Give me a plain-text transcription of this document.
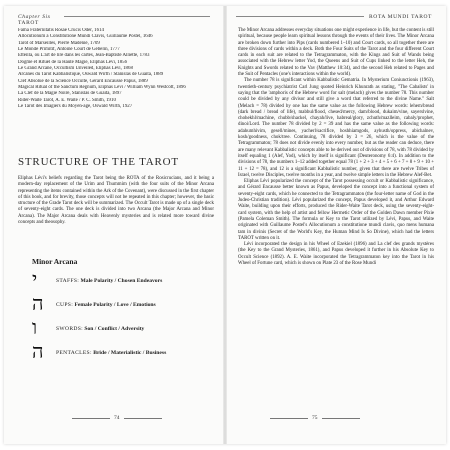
Chapter Six
TAROT
Fama Fraternitatis Rosae Crucis Oder, 1614
Allocutionum a Constitutione Mundi Clavis, Guillaume Postel, 1646
Tarot of Marseilles, Pierre Madenié, 1709
Le Monde Primitif, Antoine Court de Gébelin, 1777
Etteilla, ou L'art de lire dans les cartes, Jean-Baptiste Alliette, 1783
Dogme et Rituel de la Haute Magie, Eliphas Lévi, 1856
Le Grand Arcane, Occultism Unveiled, Eliphas Lévi, 1868
Arcanes du Tarot Kabbalistique, Oswald Wirth / Stanislas de Guaita, 1889
Clef Absolue de la Science Occulte, Gérard Encausse Papus, 1889
Magical Ritual of the Sanctum Regnum, Eliphas Lévi / William Wynn Westcott, 1896
La Clef de la Magie Noire, Stanislas de Guaita, 1897
Rider-Waite Tarot, A. E. Waite / P. C. Smith, 1910
Le Tarot des Imagiers du Moyen-age, Oswald Wirth, 1927
STRUCTURE OF THE TAROT
Eliphas Lévi's beliefs regarding the Tarot being the ROTA of the Rosicrucians, and it being a modern-day replacement of the Urim and Thummim (with the four suits of the Minor Arcana representing the items contained within the Ark of the Covenant), were discussed in the first chapter of this book, and for brevity, those concepts will not be repeated in this chapter; however, the basic structure of the Grade Tarot deck will be summarized. The Occult Tarot is made up of a single deck of seventy-eight cards. The one deck is divided into two Arcana (the Major Arcana and Minor Arcana). The Major Arcana deals with Heavenly mysteries and is related more toward divine concepts and theosophy.
Minor Arcana
י	STAFFS: Male Polarity / Chosen Endeavors
ה CUPS: Female Polarity / Love / Emotions
ו	SWORDS: Son / Conflict / Adversity
ה PENTACLES: Bride / Materialistic / Business
74
ROTA MUNDI TAROT

The Minor Arcana addresses everyday situations one might experience in life, but the content is still spiritual, because people learn spiritual lessons through the events of their lives. The Minor Arcana are broken down further into Pips (cards numbered 1–10) and Court cards, so all together there are three divisions of cards within a deck. Both the Four Suits of the Tarot and the four different Court cards in each suit are related to the Tetragrammaton, with the Kings and Suit of Wands being associated with the Hebrew letter Yod, the Queens and Suit of Cups linked to the letter Heh, the Knights and Swords related to the Vav (Matthew 10:34), and the second Heh related to Pages and the Suit of Pentacles (one's interactions within the world).

The number 78 is significant within Kabbalistic Gematria. In Mysterium Coniunctionis (1963), twentieth-century psychiatrist Carl Jung quoted Heinrich Khunrath as stating, "The Cabalists' in saying that the 'amphoris of the Hebrew word for salt (melach) gives the number 78. This number could be divided by any divisor and still give a word that referred to the divine Name." Salt (Melach = 78) divided by one has the same value as the following Hebrew words: lehem/bread (dark bread / bread of life), mabbul/flood, chesed/mercy, dam/blood, dukaim/vine, sayerslvine, chohekhl/machine, chubb/shackel, chayah/live, habreal/glory, zchuth/mazlleim, cabaly/prophet, dinoi/Lord. The number 78 divided by 2 = 39 and has the same value as the following words: adahumhivim, gesell/mines, yacherl/sacrifice, hoshhiamgods, ayhusth/oppress, abichalnev, kosh/goodness, chok/tree. Continuing, 78 divided by 3 = 26, which is the value of the Tetragrammaton; 78 does not divide evenly into every number, but as the reader can deduce, there are many relevant Kabbalistic concepts able to be derived out of divisions of 78, with 78 divided by itself equaling 1 (Alef, Yod), which by itself is significant (Deuteronomy 6:4). In addition to the divisions of 78, the numbers 1–12 added together equal 78 (1 + 2 + 3 + 4 + 5 + 6 + 7 + 8 + 9 + 10 + 11 + 12 = 78), and 12 is a significant Kabbalistic number, given that there are twelve Tribes of Israel, twelve Disciples, twelve months in a year, and twelve simple letters in the Hebrew Alef-Bet.

Eliphas Lévi popularized the concept of the Tarot possessing occult or Kabbalistic significance, and Gérard Encausse better known as Papus, developed the concept into a functional system of seventy-eight cards, which he connected to the Tetragrammaton (the four-letter name of God in the Judeo-Christian tradition). Lévi popularized the concept, Papus developed it, and Arthur Edward Waite, building upon their efforts, produced the Rider-Waite Tarot deck, using the seventy-eight-card system, with the help of artist and fellow Hermetic Order of the Golden Dawn member Pixie (Pamela Coleman Smith). The formula or Key to the Tarot utilized by Lévi, Papus, and Waite originated with Guillaume Postel's Allocutionum a constitutione mundi clavis, quo mens humana tam in divinis (Secret of the World's Key, the Human Mind Is So Divine), which had the letters TAROT written on it.

Lévi incorporated the design in his Wheel of Ezekiel (1896) and La clef des grands mystères (the Key to the Grand Mysteries, 1861), and Papus developed it further in his Absolute Key to Occult Science (1892). A. E. Waite incorporated the Tetragrammaton key into the Tarot in his Wheel of Fortune card, which is shown on Plate 23 of the Rose Mundi

75
